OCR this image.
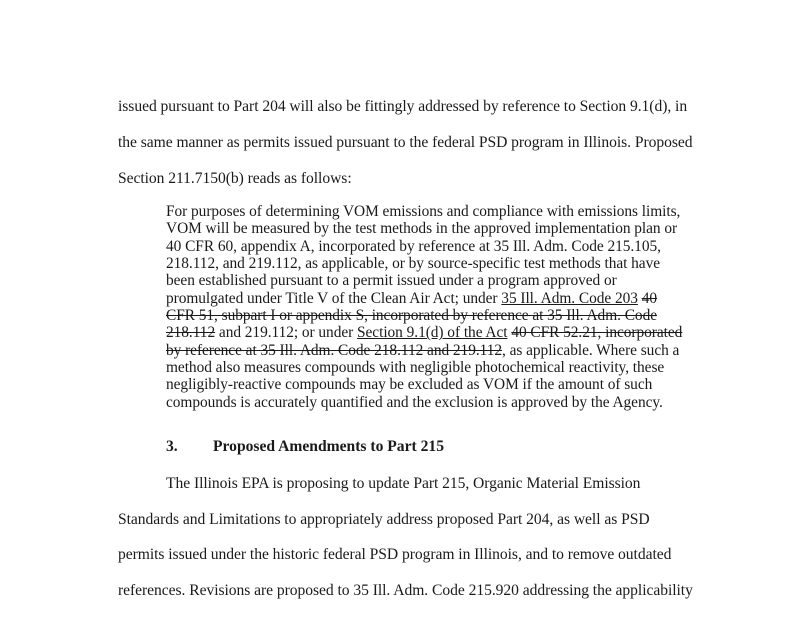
issued pursuant to Part 204 will also be fittingly addressed by reference to Section 9.1(d), in
the same manner as permits issued pursuant to the federal PSD program in Illinois. Proposed
Section 211.7150(b) reads as follows:
For purposes of determining VOM emissions and compliance with emissions limits,
VOM will be measured by the test methods in the approved implementation plan or
40 CFR 60, appendix A, incorporated by reference at 35 Ill. Adm. Code 215.105,
218.112, and 219.112, as applicable, or by source-specific test methods that have
been established pursuant to a permit issued under a program approved or
promulgated under Title V of the Clean Air Act; under 35 Ill. Adm. Code 203 40
CFR 51, subpart I or appendix S, incorporated by reference at 35 Ill. Adm. Code
218.112 and 219.112; or under Section 9.1(d) of the Act 40 CFR 52.21, incorporated
by reference at 35 Ill. Adm. Code 218.112 and 219.112, as applicable. Where such a
method also measures compounds with negligible photochemical reactivity, these
negligibly-reactive compounds may be excluded as VOM if the amount of such
compounds is accurately quantified and the exclusion is approved by the Agency.
3. Proposed Amendments to Part 215
The Illinois EPA is proposing to update Part 215, Organic Material Emission
Standards and Limitations to appropriately address proposed Part 204, as well as PSD
permits issued under the historic federal PSD program in Illinois, and to remove outdated
references. Revisions are proposed to 35 Ill. Adm. Code 215.920 addressing the applicability
